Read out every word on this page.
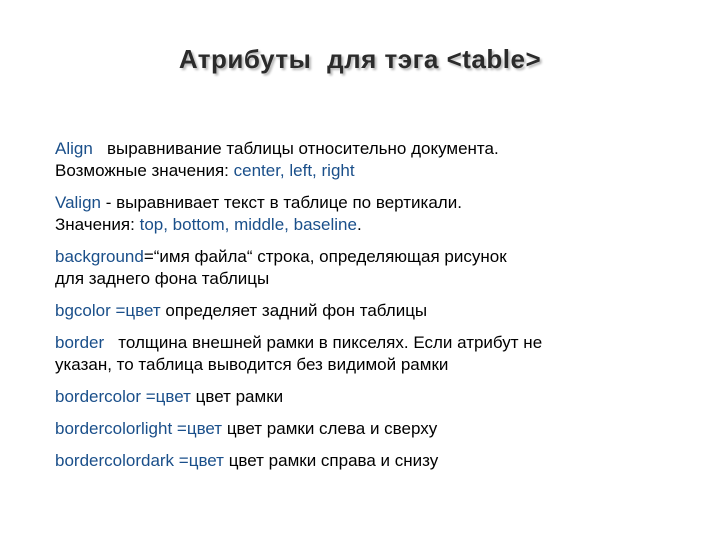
Атрибуты для тэга <table>
Align   выравнивание таблицы относительно документа.
Возможные значения: center, left, right
Valign - выравнивает текст в таблице по вертикали.
Значения: top, bottom, middle, baseline.
background=“имя файла“ строка, определяющая рисунок
для заднего фона таблицы
bgcolor =цвет определяет задний фон таблицы
border   толщина внешней рамки в пикселях. Если атрибут не
указан, то таблица выводится без видимой рамки
bordercolor =цвет цвет рамки
bordercolorlight =цвет цвет рамки слева и сверху
bordercolordark =цвет цвет рамки справа и снизу
